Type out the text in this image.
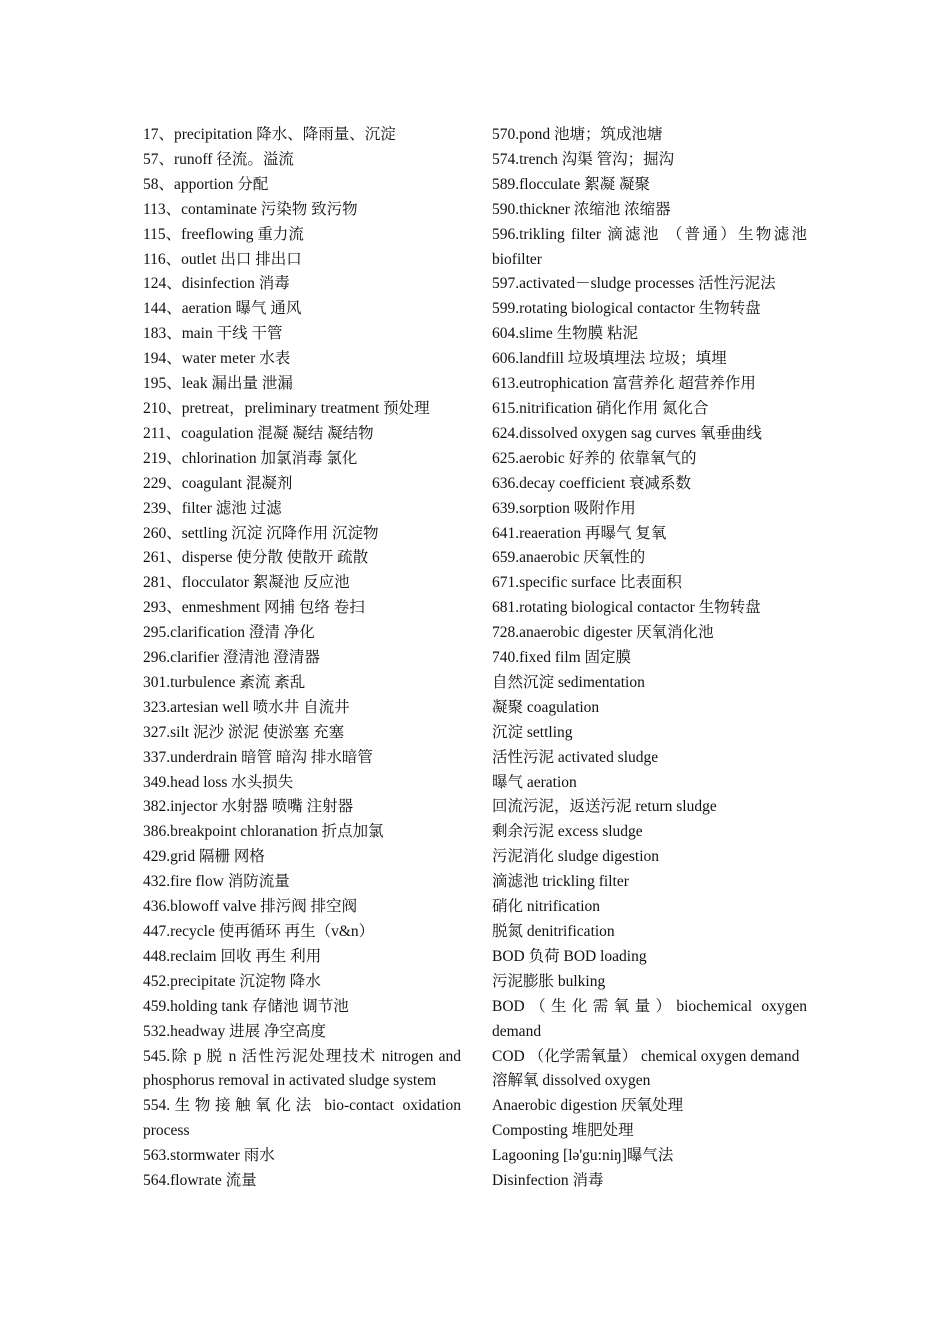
17、precipitation 降水、降雨量、沉淀

57、runoff 径流。溢流

58、apportion 分配

113、contaminate 污染物 致污物

115、freeflowing 重力流

116、outlet 出口 排出口

124、disinfection 消毒

144、aeration 曝气 通风

183、main 干线 干管

194、water meter 水表

195、leak 漏出量 泄漏

210、pretreat，preliminary treatment 预处理

211、coagulation 混凝 凝结 凝结物

219、chlorination 加氯消毒 氯化

229、coagulant 混凝剂

239、filter 滤池 过滤

260、settling 沉淀 沉降作用 沉淀物

261、disperse 使分散 使散开 疏散

281、flocculator 絮凝池 反应池

293、enmeshment 网捕 包络 卷扫

295.clarification 澄清 净化

296.clarifier 澄清池 澄清器

301.turbulence 紊流 紊乱

323.artesian well 喷水井 自流井

327.silt 泥沙 淤泥 使淤塞 充塞

337.underdrain 暗管 暗沟 排水暗管

349.head loss 水头损失

382.injector 水射器 喷嘴 注射器

386.breakpoint chloranation 折点加氯

429.grid 隔栅 网格

432.fire flow 消防流量

436.blowoff valve 排污阀 排空阀

447.recycle 使再循环 再生（v&n）

448.reclaim 回收 再生 利用

452.precipitate 沉淀物 降水

459.holding tank 存储池 调节池

532.headway 进展 净空高度

545.除 p 脱 n 活性污泥处理技术 nitrogen and phosphorus removal in activated sludge system

554.生物接触氧化法 bio-contact oxidation process

563.stormwater 雨水

564.flowrate 流量

570.pond 池塘；筑成池塘

574.trench 沟渠 管沟；掘沟

589.flocculate 絮凝 凝聚

590.thickner 浓缩池 浓缩器

596.trikling filter 滴滤池 （普通）生物滤池 biofilter

597.activated－sludge processes 活性污泥法

599.rotating biological contactor 生物转盘

604.slime 生物膜 粘泥

606.landfill 垃圾填埋法 垃圾；填埋

613.eutrophication 富营养化 超营养作用

615.nitrification 硝化作用 氮化合

624.dissolved oxygen sag curves 氧垂曲线

625.aerobic 好养的 依靠氧气的

636.decay coefficient 衰减系数

639.sorption 吸附作用

641.reaeration 再曝气 复氧

659.anaerobic 厌氧性的

671.specific surface 比表面积

681.rotating biological contactor 生物转盘

728.anaerobic digester 厌氧消化池

740.fixed film 固定膜

自然沉淀 sedimentation

凝聚 coagulation

沉淀 settling

活性污泥 activated sludge

曝气 aeration

回流污泥，返送污泥 return sludge

剩余污泥 excess sludge

污泥消化 sludge digestion

滴滤池 trickling filter

硝化 nitrification

脱氮 denitrification

BOD 负荷 BOD loading

污泥膨胀 bulking

BOD（生化需氧量）biochemical oxygen demand

COD （化学需氧量） chemical oxygen demand

溶解氧 dissolved oxygen

Anaerobic digestion 厌氧处理

Composting 堆肥处理

Lagooning [lə'gu:niŋ]曝气法

Disinfection 消毒
